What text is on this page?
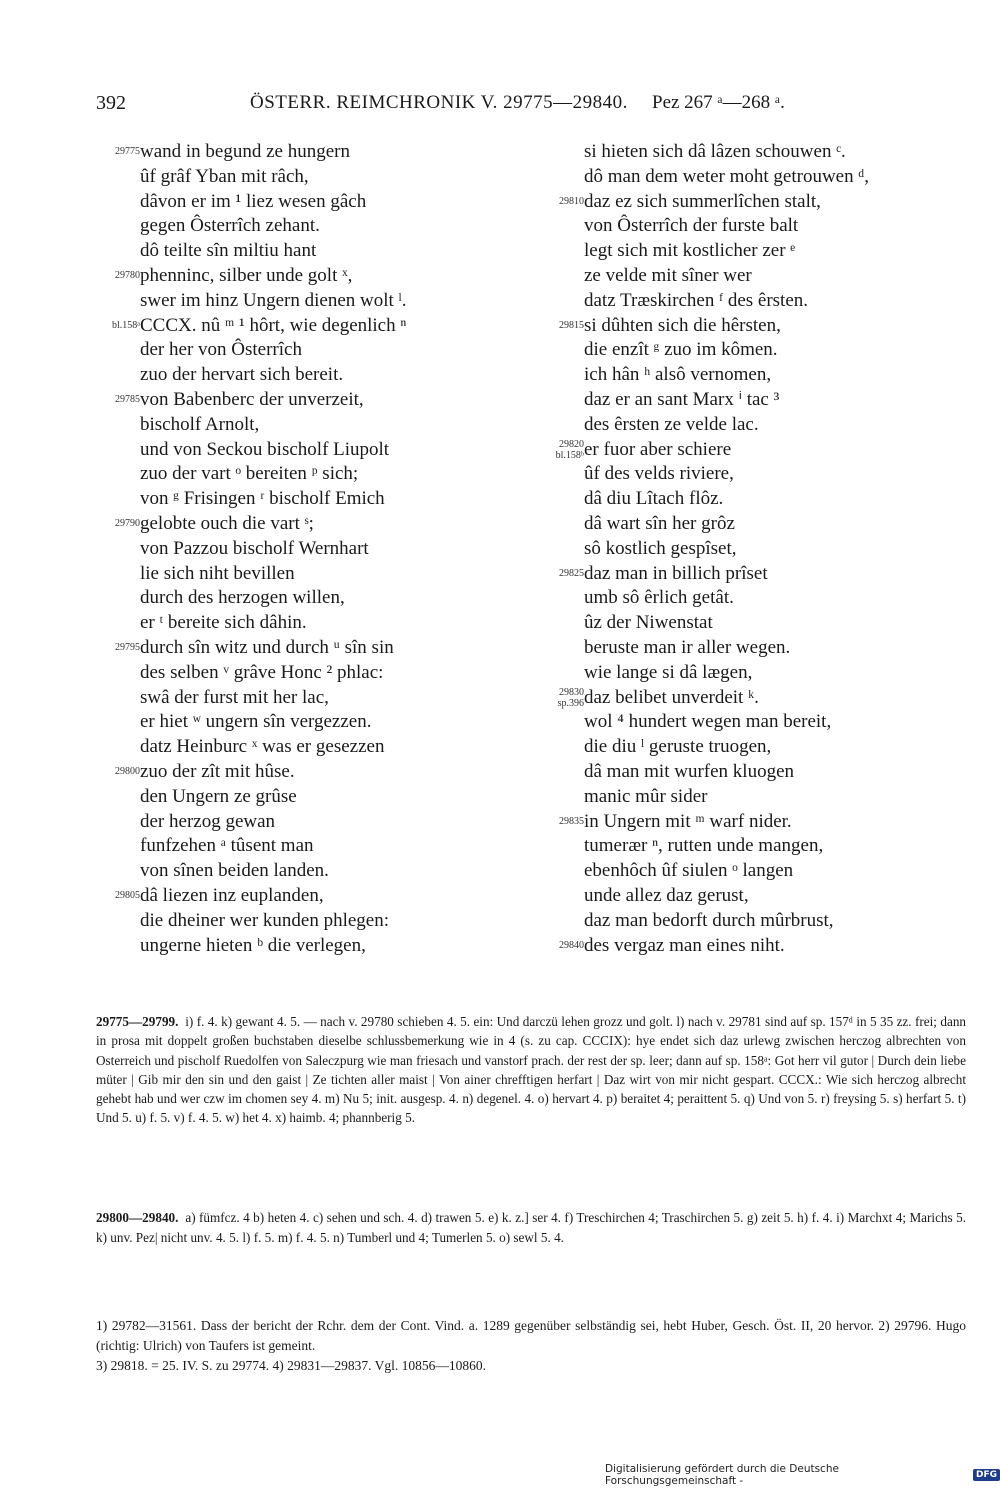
392	ÖSTERR. REIMCHRONIK V. 29775—29840. Pez 267 ᵃ—268 ᵃ.
29775 wand in begund ze hungern
ûf grâf Yban mit râch,
dâvon er im ¹ liez wesen gâch
gegen Ôsterrîch zehant.
dô teilte sîn miltiu hant
29780 phenninc, silber unde golt ˣ,
swer im hinz Ungern dienen wolt ˡ.
bl.158ᵃ CCCX. nû ᵐ ¹ hôrt, wie degenlich ⁿ
der her von Ôsterrîch
zuo der hervart sich bereit.
29785 von Babenberc der unverzeit,
bischolf Arnolt,
und von Seckou bischolf Liupolt
zuo der vart ᵒ bereiten ᵖ sich;
von ᵍ Frisingen ʳ bischolf Emich
29790 gelobte ouch die vart ˢ;
von Pazzou bischolf Wernhart
lie sich niht bevillen
durch des herzogen willen,
er ᵗ bereite sich dâhin.
29795 durch sîn witz und durch ᵘ sîn sin
des selben ᵛ grâve Honc ² phlac:
swâ der furst mit her lac,
er hiet ʷ ungern sîn vergezzen.
datz Heinburc ˣ was er gesezzen
29800 zuo der zît mit hûse.
den Ungern ze grûse
der herzog gewan
funfzehen ᵃ tûsent man
von sînen beiden landen.
29805 dâ liezen inz euplanden,
die dheiner wer kunden phlegen:
ungerne hieten ᵇ die verlegen,
si hieten sich dâ lâzen schouwen ᶜ.
dô man dem weter moht getrouwen ᵈ,
29810 daz ez sich summerlîchen stalt,
von Ôsterrîch der furste balt
legt sich mit kostlicher zer ᵉ
ze velde mit sîner wer
datz Træskirchen ᶠ des êrsten.
29815 si dûhten sich die hêrsten,
die enzît ᵍ zuo im kômen.
ich hân ʰ alsô vernomen,
daz er an sant Marx ⁱ tac ³
des êrsten ze velde lac.
29820
bl.158ᵇ er fuor aber schiere
ûf des velds riviere,
dâ diu Lîtach flôz.
dâ wart sîn her grôz
sô kostlich gespîset,
29825 daz man in billich prîset
umb sô êrlich getât.
ûz der Niwenstat
beruste man ir aller wegen.
wie lange si dâ lægen,
29830
sp.396 daz belibet unverdeit ᵏ.
wol ⁴ hundert wegen man bereit,
die diu ˡ geruste truogen,
dâ man mit wurfen kluogen
manic mûr sider
29835 in Ungern mit ᵐ warf nider.
tumerær ⁿ, rutten unde mangen,
ebenhôch ûf siulen ᵒ langen
unde allez daz gerust,
daz man bedorft durch mûrbrust,
29840 des vergaz man eines niht.

29775—29799. i) f. 4. k) gewant 4. 5. — nach v. 29780 schieben 4. 5. ein: Und darczü lehen grozz und golt. l) nach v. 29781 sind auf sp. 157ᵈ in 5 35 zz. frei; dann in prosa mit doppelt großen buchstaben dieselbe schlussbemerkung wie in 4 (s. zu cap. CCCIX): hye endet sich daz urlewg zwischen herczog albrechten von Osterreich und pischolf Ruedolfen von Saleczpurg wie man friesach und vanstorf prach. der rest der sp. leer; dann auf sp. 158ᵃ: Got herr vil gutor | Durch dein liebe müter | Gib mir den sin und den gaist | Ze tichten aller maist | Von ainer chrefftigen herfart | Daz wirt von mir nicht gespart. CCCX.: Wie sich herczog albrecht gehebt hab und wer czw im chomen sey 4. m) Nu 5; init. ausgesp. 4. n) degenel. 4. o) hervart 4. p) beraitet 4; peraittent 5. q) Und von 5. r) freysing 5. s) herfart 5. t) Und 5. u) f. 5. v) f. 4. 5. w) het 4. x) haimb. 4; phannberig 5.

29800—29840. a) fümfcz. 4 b) heten 4. c) sehen und sch. 4. d) trawen 5. e) k. z.] ser 4. f) Treschirchen 4; Traschirchen 5. g) zeit 5. h) f. 4. i) Marchxt 4; Marichs 5. k) unv. Pez| nicht unv. 4. 5. l) f. 5. m) f. 4. 5. n) Tumberl und 4; Tumerlen 5. o) sewl 5. 4.

1) 29782—31561. Dass der bericht der Rchr. dem der Cont. Vind. a. 1289 gegenüber selbständig sei, hebt Huber, Gesch. Öst. II, 20 hervor. 2) 29796. Hugo (richtig: Ulrich) von Taufers ist gemeint.

3) 29818. = 25. IV. S. zu 29774. 4) 29831—29837. Vgl. 10856—10860.

Digitalisierung gefördert durch die Deutsche Forschungsgemeinschaft -	DFG
